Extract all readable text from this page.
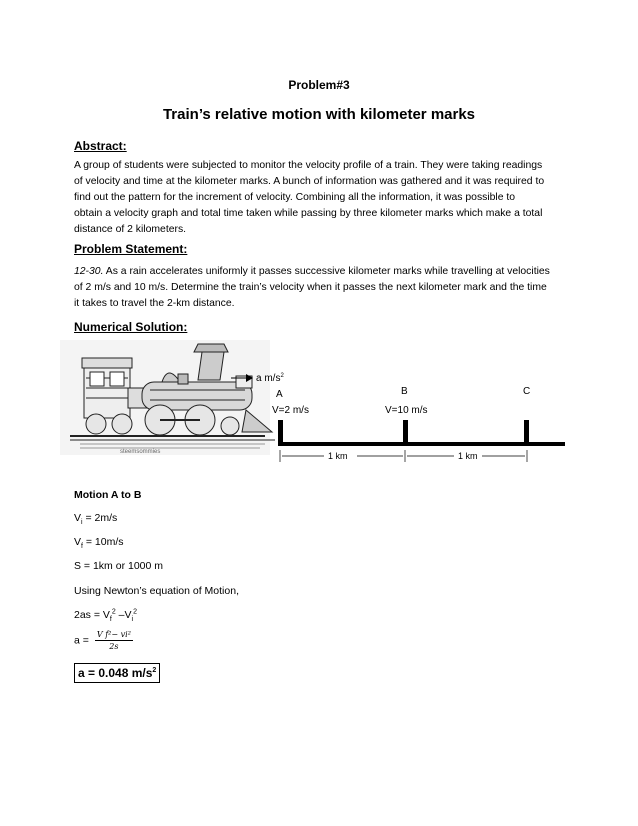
Problem#3
Train’s relative motion with kilometer marks
Abstract:
A group of students were subjected to monitor the velocity profile of a train. They were taking readings
of velocity and time at the kilometer marks. A bunch of information was gathered and it was required to
find out the pattern for the increment of velocity. Combining all the information, it was possible to
obtain a velocity graph and total time taken while passing by three kilometer marks which make a total
distance of 2 kilometers.
Problem Statement:
12-30. As a rain accelerates uniformly it passes successive kilometer marks while travelling at velocities
of 2 m/s and 10 m/s. Determine the train’s velocity when it passes the next kilometer mark and the time
it takes to travel the 2-km distance.
Numerical Solution:
steemsommies
a $m/s^2$
A	B	C
V=2 m/s	V=10 m/s
1 km	1 km
Motion A to B
$V_i = 2m/s$
$V_f = 10m/s$
S = 1km or 1000 m
Using Newton’s equation of Motion,
$2as = V_f^2$ $-V_i^2$
$a = \frac{\text{V f²− vi²}}{2s}$
a = 0.048 $m/s^2$
